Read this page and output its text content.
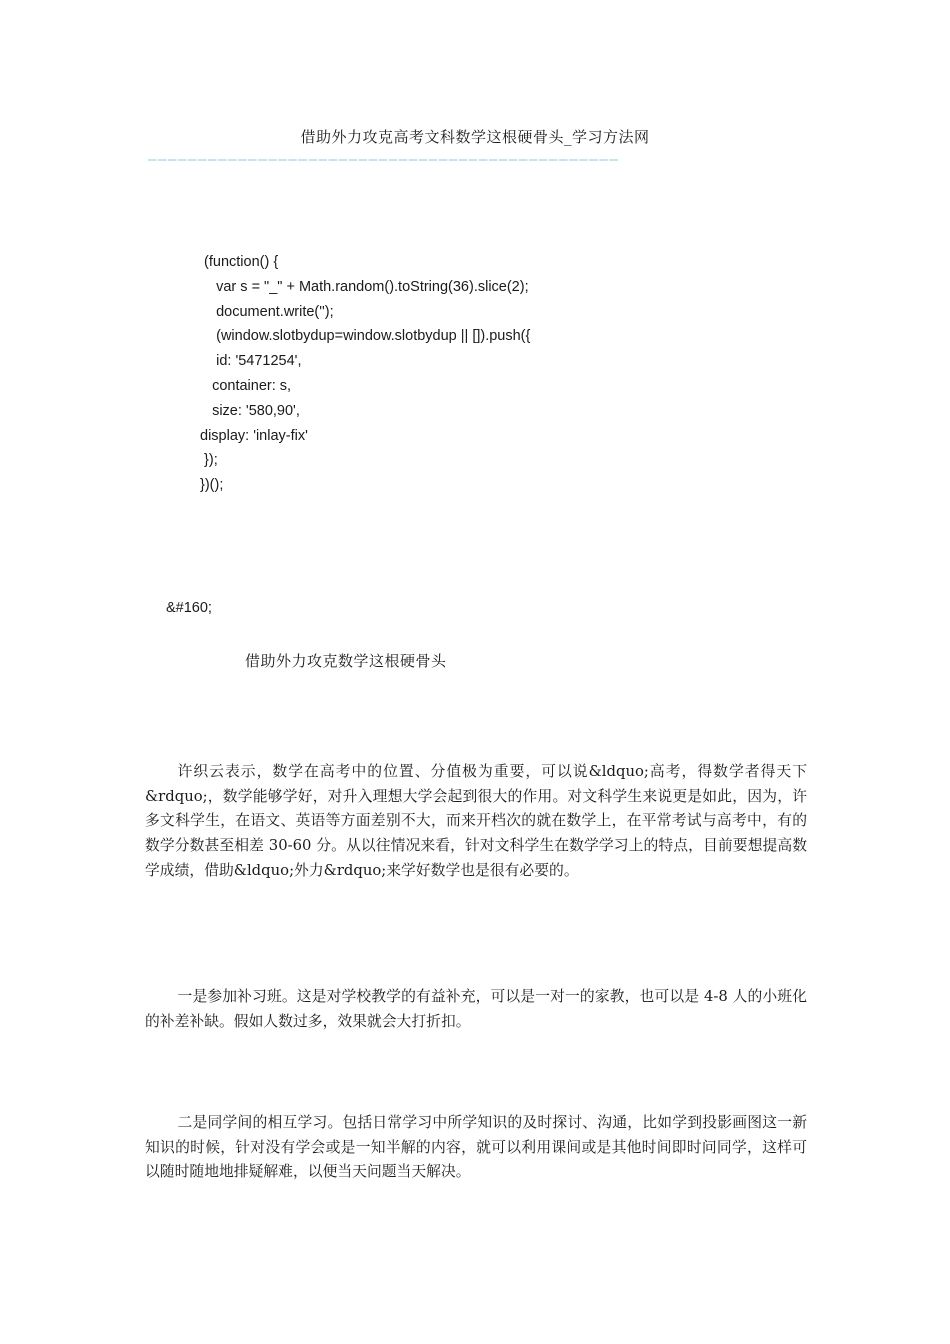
借助外力攻克高考文科数学这根硬骨头_学习方法网
———————————————————————————————————————————————
(function() {
var s = "_" + Math.random().toString(36).slice(2);
document.write('');
(window.slotbydup=window.slotbydup || []).push({
id: '5471254',
container: s,
size: '580,90',
display: 'inlay-fix'
});
})();
&#160;
借助外力攻克数学这根硬骨头

许织云表示，数学在高考中的位置、分值极为重要，可以说&ldquo;高考，得数学者得天下&rdquo;，数学能够学好，对升入理想大学会起到很大的作用。对文科学生来说更是如此，因为，许多文科学生，在语文、英语等方面差别不大，而来开档次的就在数学上，在平常考试与高考中，有的数学分数甚至相差 30-60 分。从以往情况来看，针对文科学生在数学学习上的特点，目前要想提高数学成绩，借助&ldquo;外力&rdquo;来学好数学也是很有必要的。

一是参加补习班。这是对学校教学的有益补充，可以是一对一的家教，也可以是 4-8 人的小班化的补差补缺。假如人数过多，效果就会大打折扣。

二是同学间的相互学习。包括日常学习中所学知识的及时探讨、沟通，比如学到投影画图这一新知识的时候，针对没有学会或是一知半解的内容，就可以利用课间或是其他时间即时问同学，这样可以随时随地地排疑解难，以便当天问题当天解决。
